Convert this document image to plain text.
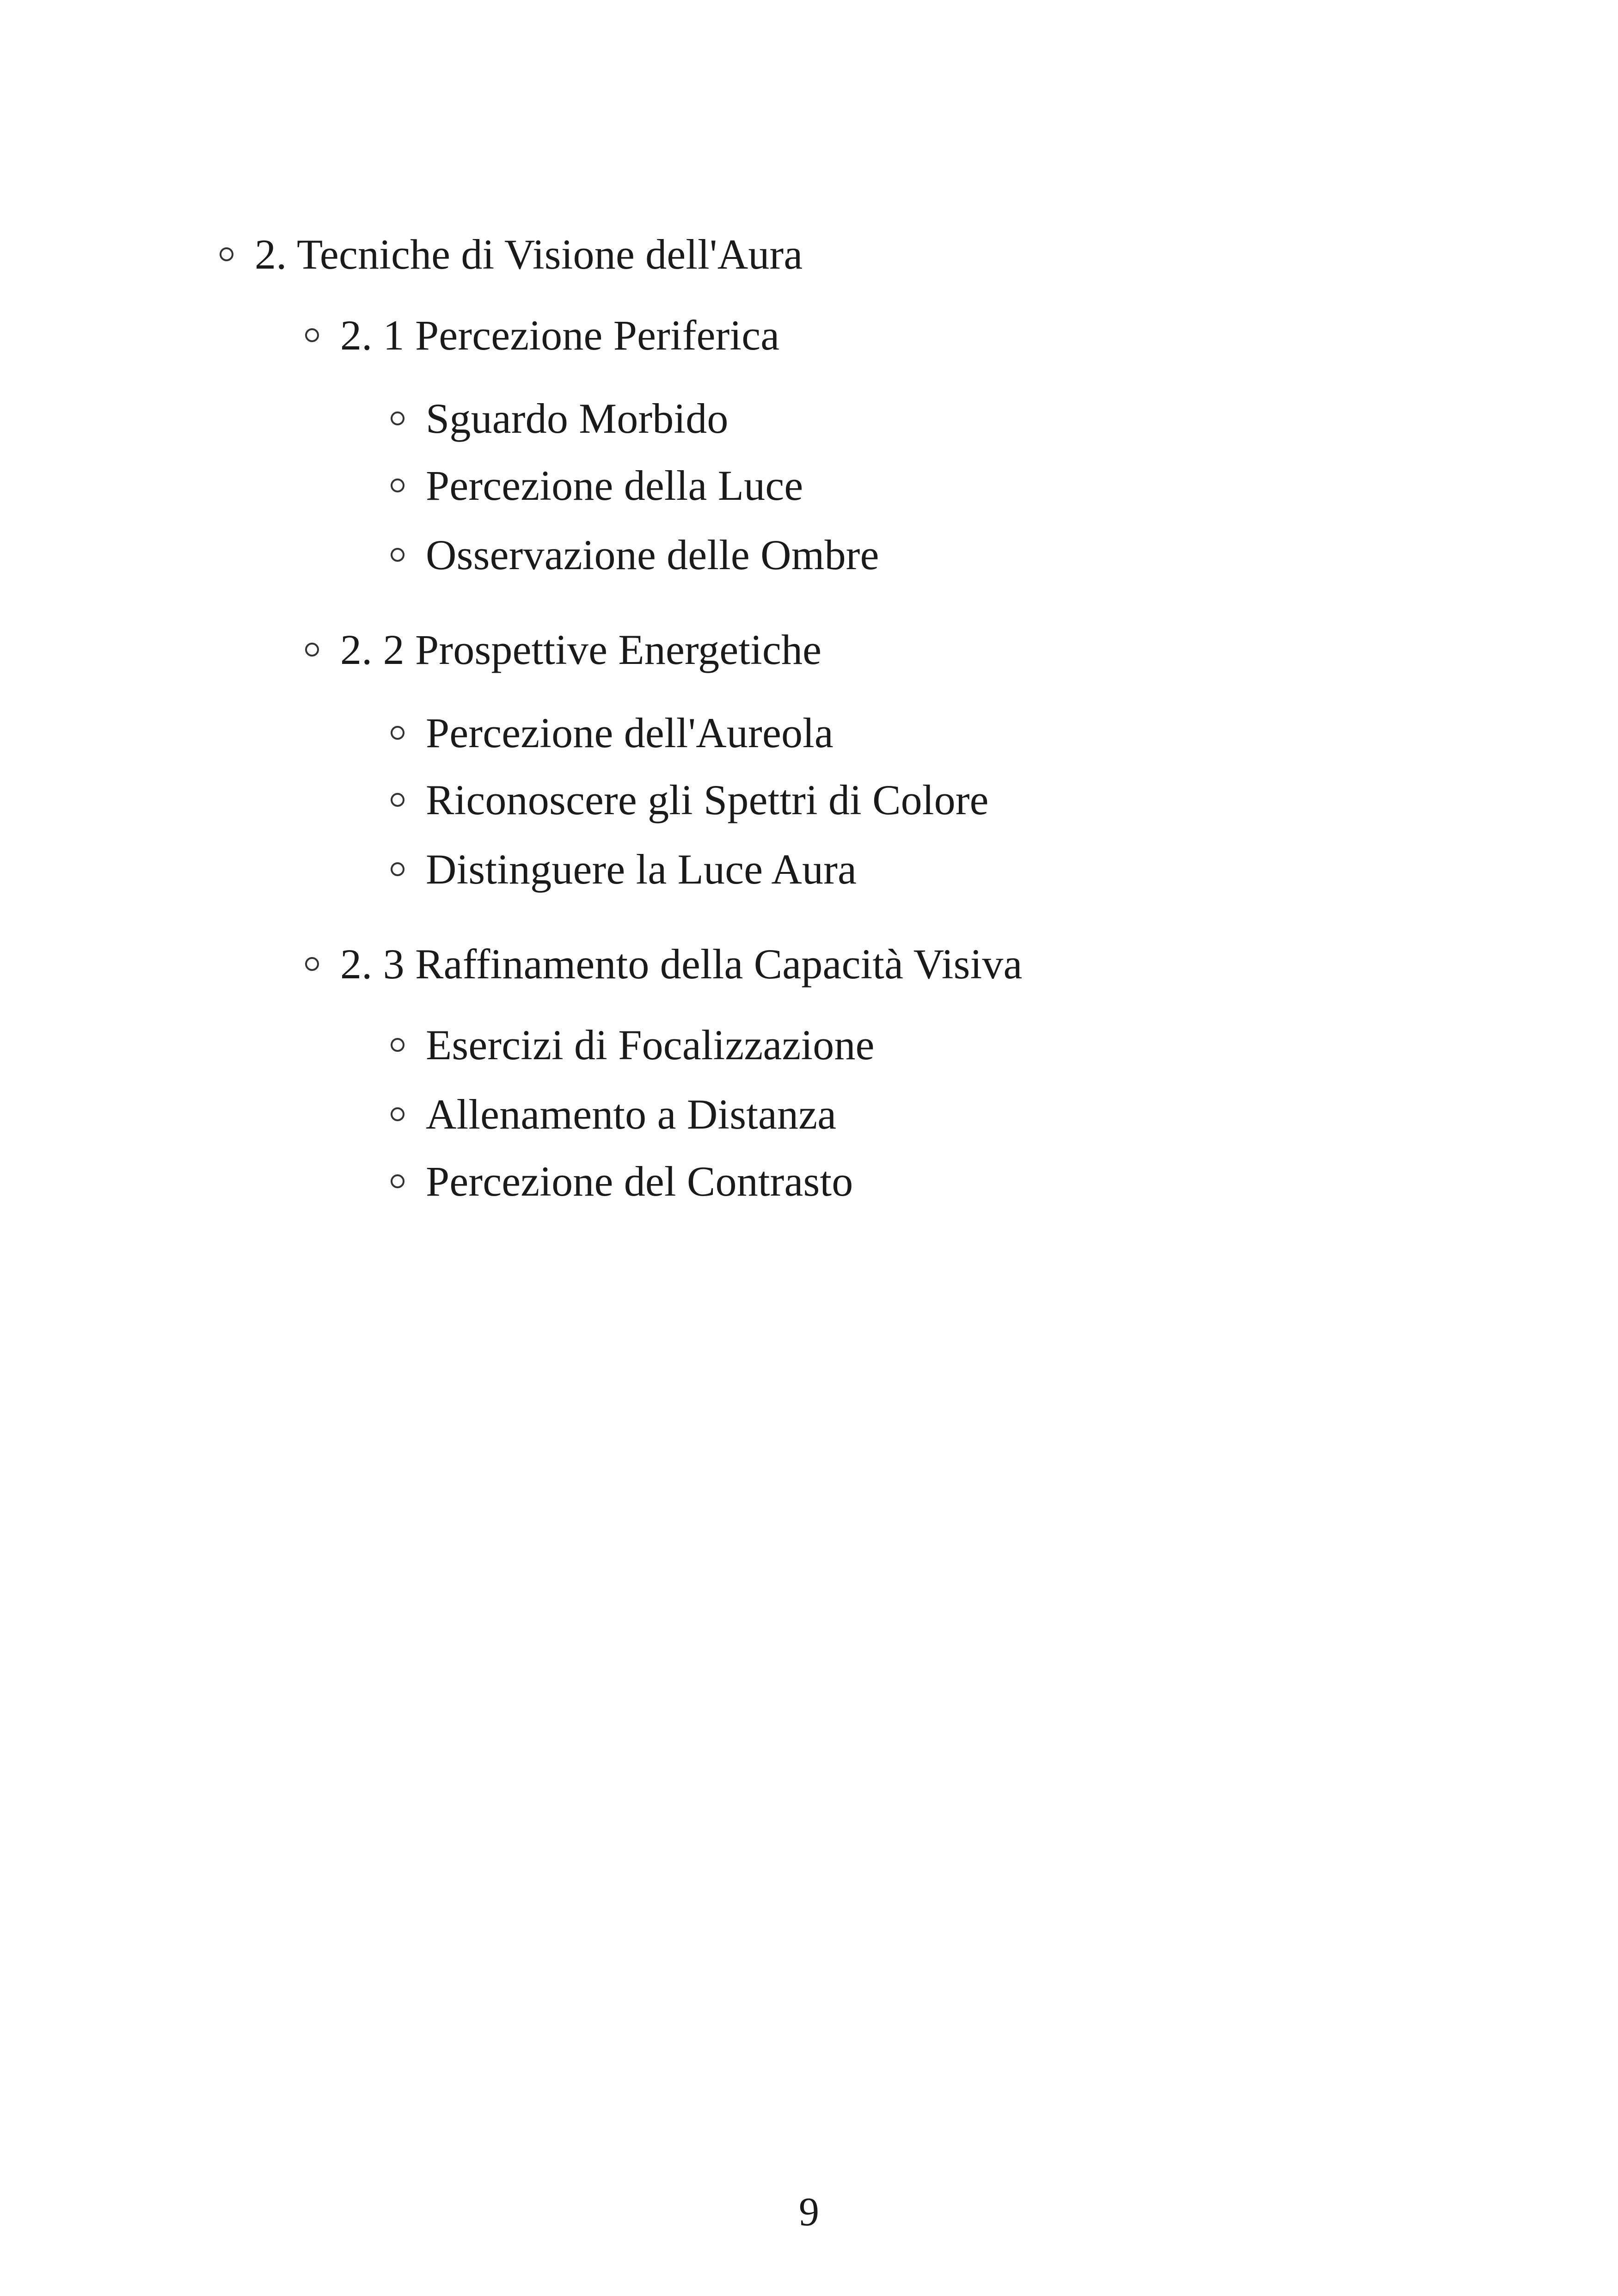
2. Tecniche di Visione dell'Aura
2. 1 Percezione Periferica
Sguardo Morbido
Percezione della Luce
Osservazione delle Ombre
2. 2 Prospettive Energetiche
Percezione dell'Aureola
Riconoscere gli Spettri di Colore
Distinguere la Luce Aura
2. 3 Raffinamento della Capacità Visiva
Esercizi di Focalizzazione
Allenamento a Distanza
Percezione del Contrasto
9
